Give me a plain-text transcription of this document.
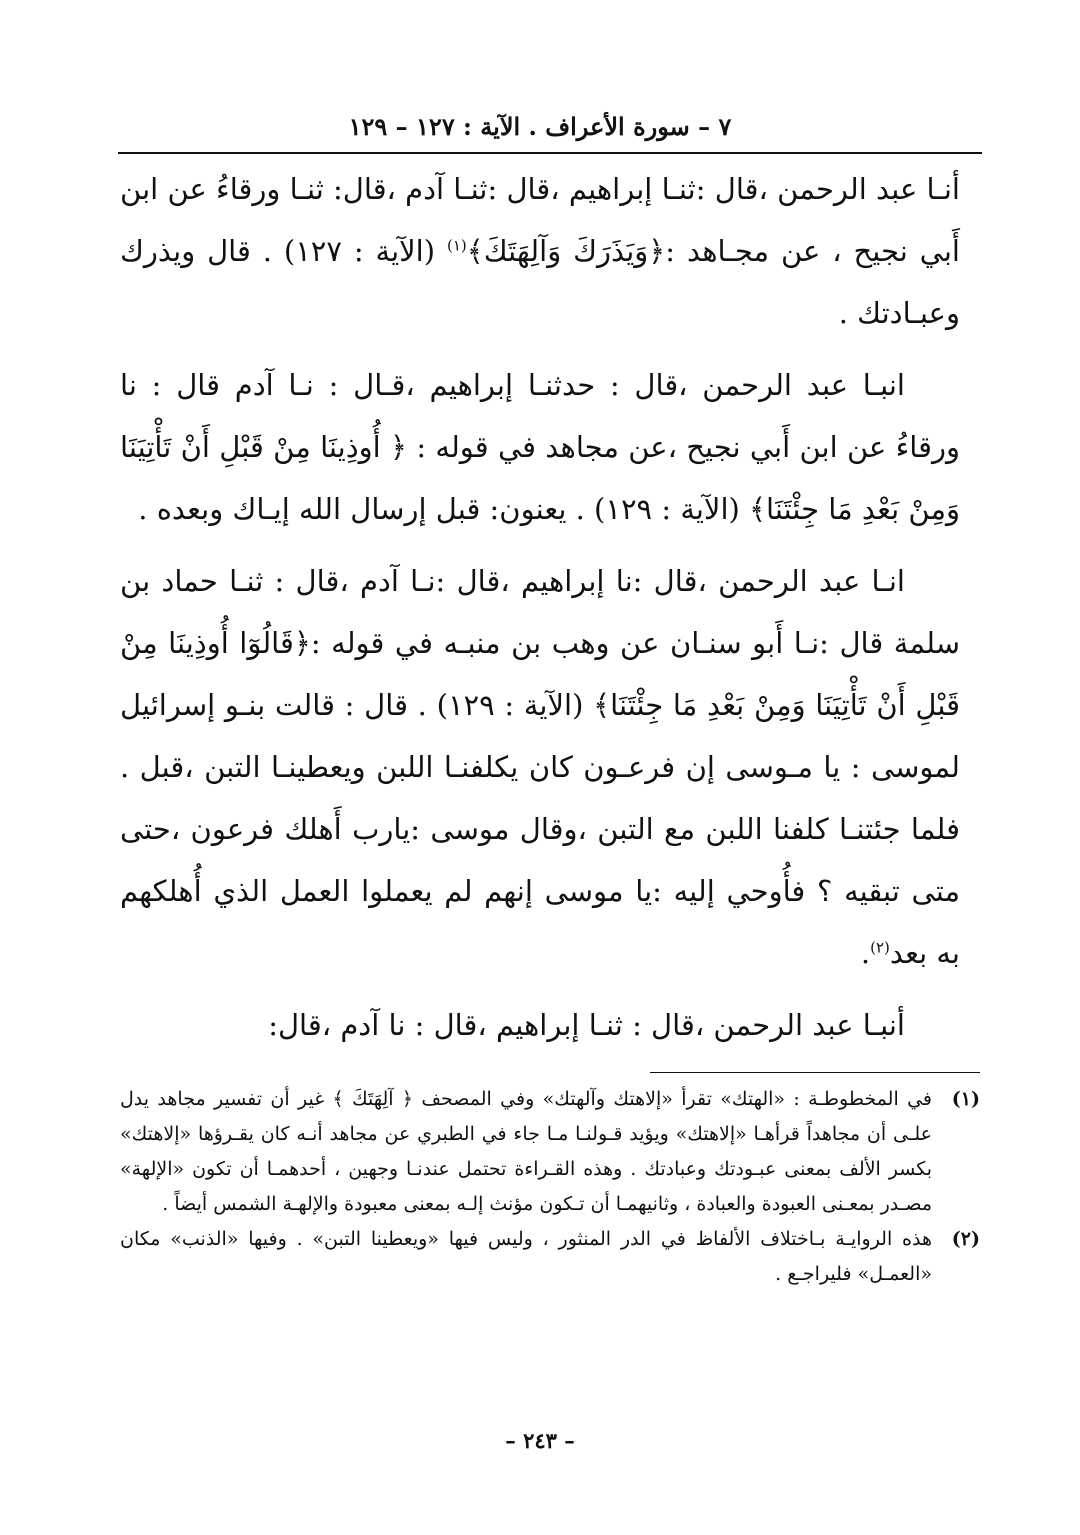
٧ – سورة الأعراف . الآية : ١٢٧ – ١٢٩

أنـا عبد الرحمن ،قال :ثنـا إبراهيم ،قال :ثنـا آدم ،قال: ثنـا ورقاءُ عن ابن أَبي نجيح ، عن مجـاهد :﴿وَيَذَرَكَ وَآلِهَتَكَ﴾$^{(١)}$ (الآية : ١٢٧) . قال ويذرك وعبـادتك .

انبـا عبد الرحمن ،قال : حدثنـا إبراهيم ،قـال : نـا آدم قال : نا ورقاءُ عن ابن أَبي نجيح ،عن مجاهد في قوله : ﴿ أُوذِينَا مِنْ قَبْلِ أَنْ تَأْتِيَنَا وَمِنْ بَعْدِ مَا جِئْتَنَا﴾ (الآية : ١٢٩) . يعنون: قبل إرسال الله إيـاك وبعده .

انـا عبد الرحمن ،قال :نا إبراهيم ،قال :نـا آدم ،قال : ثنـا حماد بن سلمة قال :نـا أَبو سنـان عن وهب بن منبـه في قوله :﴿قَالُوٓا أُوذِينَا مِنْ قَبْلِ أَنْ تَأْتِيَنَا وَمِنْ بَعْدِ مَا جِئْتَنَا﴾ (الآية : ١٢٩) . قال : قالت بنـو إسرائيل لموسى : يا مـوسى إن فرعـون كان يكلفنـا اللبن ويعطينـا التبن ،قبل . فلما جئتنـا كلفنا اللبن مع التبن ،وقال موسى :يارب أَهلك فرعون ،حتى متى تبقيه ؟ فأُوحي إليه :يا موسى إنهم لم يعملوا العمل الذي أُهلكهم به بعد$^{(٢)}$.

أنبـا عبد الرحمن ،قال : ثنـا إبراهيم ،قال : نا آدم ،قال:

(١)
في المخطوطـة : «الهتك» تقرأ «إلاهتك وآلهتك» وفي المصحف ﴿ آلِهَتَكَ ﴾ غير أن تفسير مجاهد يدل علـى أن مجاهداً قرأهـا «إلاهتك» ويؤيد قـولنـا مـا جاء في الطبري عن مجاهد أنـه كان يقـرؤها «إلاهتك» بكسر الألف بمعنى عبـودتك وعبادتك . وهذه القـراءة تحتمل عندنـا وجهين ، أحدهمـا أن تكون «الإلهة» مصـدر بمعـنى العبودة والعبادة ، وثانيهمـا أن تـكون مؤنث إلـه بمعنى معبودة والإلهـة الشمس أيضاً .
(٢)
هذه الروايـة بـاختلاف الألفاظ في الدر المنثور ، وليس فيها «ويعطينا التبن» . وفيها «الذنب» مكان «العمـل» فليراجـع .
– ٢٤٣ –
